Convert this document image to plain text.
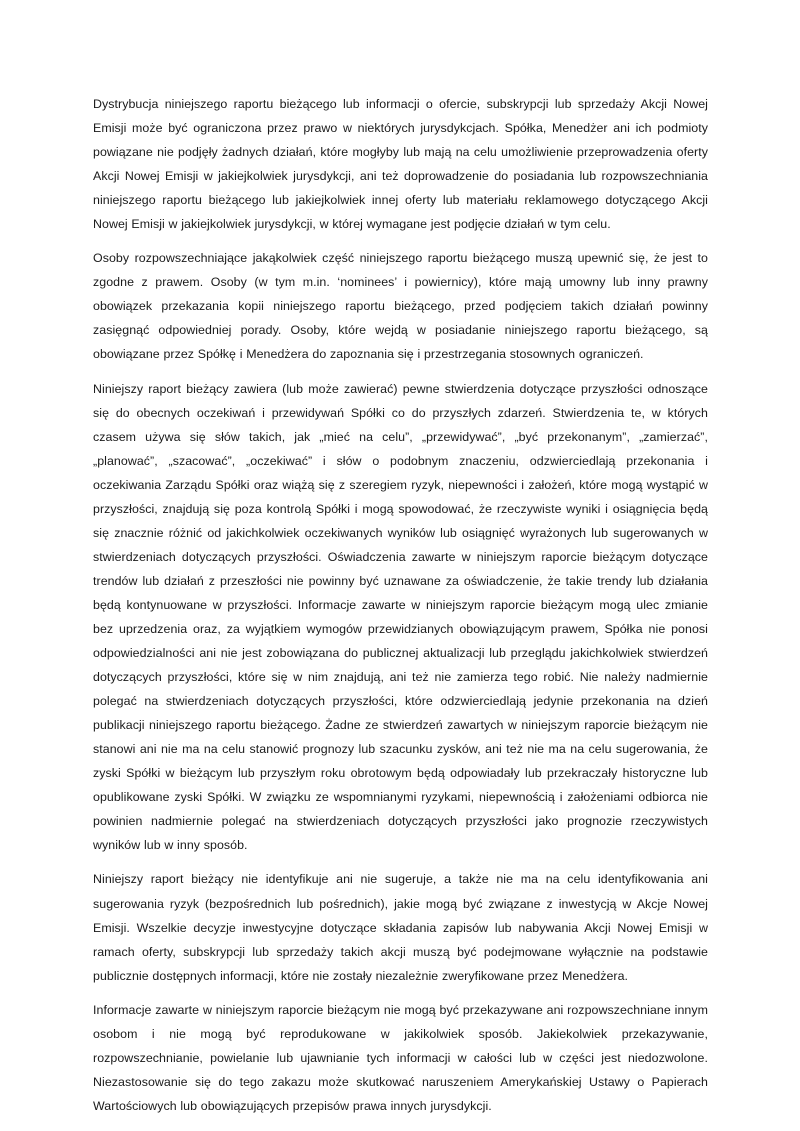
Dystrybucja niniejszego raportu bieżącego lub informacji o ofercie, subskrypcji lub sprzedaży Akcji Nowej Emisji może być ograniczona przez prawo w niektórych jurysdykcjach. Spółka, Menedżer ani ich podmioty powiązane nie podjęły żadnych działań, które mogłyby lub mają na celu umożliwienie przeprowadzenia oferty Akcji Nowej Emisji w jakiejkolwiek jurysdykcji, ani też doprowadzenie do posiadania lub rozpowszechniania niniejszego raportu bieżącego lub jakiejkolwiek innej oferty lub materiału reklamowego dotyczącego Akcji Nowej Emisji w jakiejkolwiek jurysdykcji, w której wymagane jest podjęcie działań w tym celu.

Osoby rozpowszechniające jakąkolwiek część niniejszego raportu bieżącego muszą upewnić się, że jest to zgodne z prawem. Osoby (w tym m.in. ‘nominees’ i powiernicy), które mają umowny lub inny prawny obowiązek przekazania kopii niniejszego raportu bieżącego, przed podjęciem takich działań powinny zasięgnąć odpowiedniej porady. Osoby, które wejdą w posiadanie niniejszego raportu bieżącego, są obowiązane przez Spółkę i Menedżera do zapoznania się i przestrzegania stosownych ograniczeń.

Niniejszy raport bieżący zawiera (lub może zawierać) pewne stwierdzenia dotyczące przyszłości odnoszące się do obecnych oczekiwań i przewidywań Spółki co do przyszłych zdarzeń. Stwierdzenia te, w których czasem używa się słów takich, jak „mieć na celu”, „przewidywać”, „być przekonanym”, „zamierzać”, „planować”, „szacować”, „oczekiwać” i słów o podobnym znaczeniu, odzwierciedlają przekonania i oczekiwania Zarządu Spółki oraz wiążą się z szeregiem ryzyk, niepewności i założeń, które mogą wystąpić w przyszłości, znajdują się poza kontrolą Spółki i mogą spowodować, że rzeczywiste wyniki i osiągnięcia będą się znacznie różnić od jakichkolwiek oczekiwanych wyników lub osiągnięć wyrażonych lub sugerowanych w stwierdzeniach dotyczących przyszłości. Oświadczenia zawarte w niniejszym raporcie bieżącym dotyczące trendów lub działań z przeszłości nie powinny być uznawane za oświadczenie, że takie trendy lub działania będą kontynuowane w przyszłości. Informacje zawarte w niniejszym raporcie bieżącym mogą ulec zmianie bez uprzedzenia oraz, za wyjątkiem wymogów przewidzianych obowiązującym prawem, Spółka nie ponosi odpowiedzialności ani nie jest zobowiązana do publicznej aktualizacji lub przeglądu jakichkolwiek stwierdzeń dotyczących przyszłości, które się w nim znajdują, ani też nie zamierza tego robić. Nie należy nadmiernie polegać na stwierdzeniach dotyczących przyszłości, które odzwierciedlają jedynie przekonania na dzień publikacji niniejszego raportu bieżącego. Żadne ze stwierdzeń zawartych w niniejszym raporcie bieżącym nie stanowi ani nie ma na celu stanowić prognozy lub szacunku zysków, ani też nie ma na celu sugerowania, że zyski Spółki w bieżącym lub przyszłym roku obrotowym będą odpowiadały lub przekraczały historyczne lub opublikowane zyski Spółki. W związku ze wspomnianymi ryzykami, niepewnością i założeniami odbiorca nie powinien nadmiernie polegać na stwierdzeniach dotyczących przyszłości jako prognozie rzeczywistych wyników lub w inny sposób.

Niniejszy raport bieżący nie identyfikuje ani nie sugeruje, a także nie ma na celu identyfikowania ani sugerowania ryzyk (bezpośrednich lub pośrednich), jakie mogą być związane z inwestycją w Akcje Nowej Emisji. Wszelkie decyzje inwestycyjne dotyczące składania zapisów lub nabywania Akcji Nowej Emisji w ramach oferty, subskrypcji lub sprzedaży takich akcji muszą być podejmowane wyłącznie na podstawie publicznie dostępnych informacji, które nie zostały niezależnie zweryfikowane przez Menedżera.

Informacje zawarte w niniejszym raporcie bieżącym nie mogą być przekazywane ani rozpowszechniane innym osobom i nie mogą być reprodukowane w jakikolwiek sposób. Jakiekolwiek przekazywanie, rozpowszechnianie, powielanie lub ujawnianie tych informacji w całości lub w części jest niedozwolone. Niezastosowanie się do tego zakazu może skutkować naruszeniem Amerykańskiej Ustawy o Papierach Wartościowych lub obowiązujących przepisów prawa innych jurysdykcji.
